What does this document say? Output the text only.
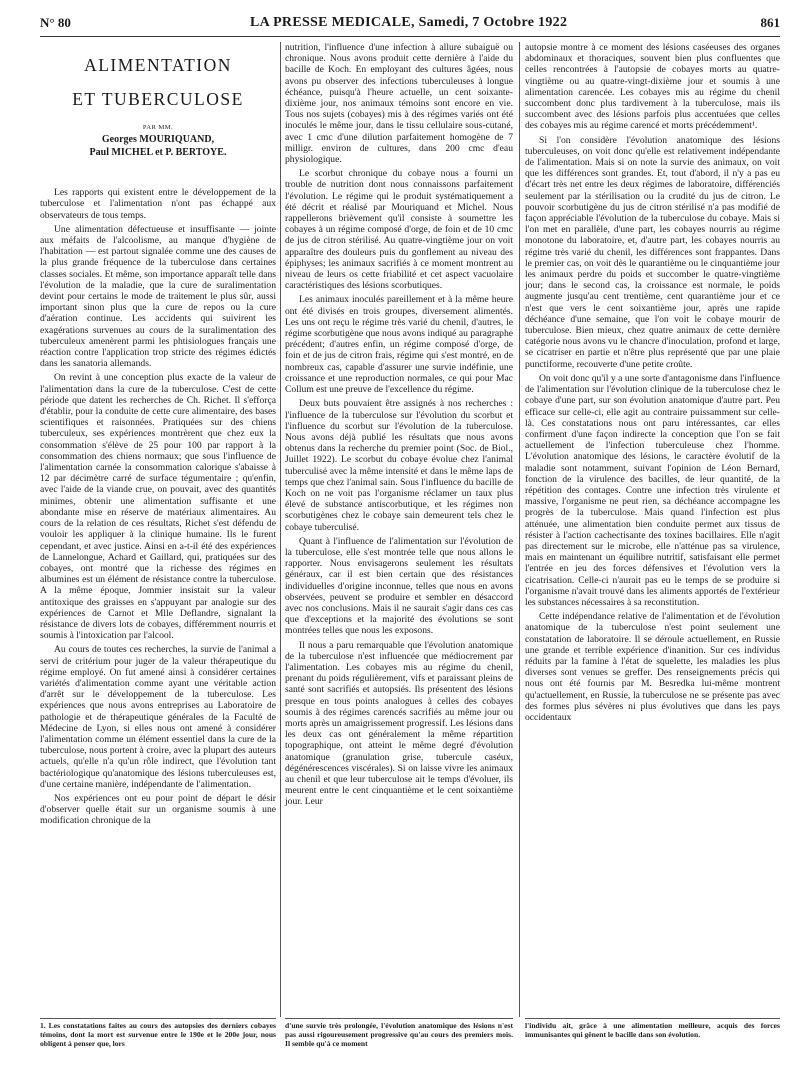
N° 80	LA PRESSE MEDICALE, Samedi, 7 Octobre 1922	861
ALIMENTATION
ET TUBERCULOSE
PAR MM.
Georges MOURIQUAND,
Paul MICHEL et P. BERTOYE.

Les rapports qui existent entre le développement de la tuberculose et l'alimentation n'ont pas échappé aux observateurs de tous temps.

Une alimentation défectueuse et insuffisante — jointe aux méfaits de l'alcoolisme, au manque d'hygiène de l'habitation — est partout signalée comme une des causes de la plus grande fréquence de la tuberculose dans certaines classes sociales. Et même, son importance apparaît telle dans l'évolution de la maladie, que la cure de suralimentation devint pour certains le mode de traitement le plus sûr, aussi important sinon plus que la cure de repos ou la cure d'aération continue. Les accidents qui suivirent les exagérations survenues au cours de la suralimentation des tuberculeux amenèrent parmi les phtisiologues français une réaction contre l'application trop stricte des régimes édictés dans les sanatoria allemands.

On revint à une conception plus exacte de la valeur de l'alimentation dans la cure de la tuberculose. C'est de cette période que datent les recherches de Ch. Richet. Il s'efforça d'établir, pour la conduite de cette cure alimentaire, des bases scientifiques et raisonnées. Pratiquées sur des chiens tuberculeux, ses expériences montrèrent que chez eux la consommation s'élève de 25 pour 100 par rapport à la consommation des chiens normaux; que sous l'influence de l'alimentation carnée la consommation calorique s'abaisse à 12 par décimètre carré de surface tégumentaire ; qu'enfin, avec l'aide de la viande crue, on pouvait, avec des quantités minimes, obtenir une alimentation suffisante et une abondante mise en réserve de matériaux alimentaires. Au cours de la relation de ces résultats, Richet s'est défendu de vouloir les appliquer à la clinique humaine. Ils le furent cependant, et avec justice. Ainsi en a-t-il été des expériences de Lannelongue, Achard et Gaillard, qui, pratiquées sur des cobayes, ont montré que la richesse des régimes en albumines est un élément de résistance contre la tuberculose. A la même époque, Jommier insistait sur la valeur antitoxique des graisses en s'appuyant par analogie sur des expériences de Carnot et Mlle Deflandre, signalant la résistance de divers lots de cobayes, différemment nourris et soumis à l'intoxication par l'alcool.

Au cours de toutes ces recherches, la survie de l'animal a servi de critérium pour juger de la valeur thérapeutique du régime employé. On fut amené ainsi à considérer certaines variétés d'alimentation comme ayant une véritable action d'arrêt sur le développement de la tuberculose. Les expériences que nous avons entreprises au Laboratoire de pathologie et de thérapeutique générales de la Faculté de Médecine de Lyon, si elles nous ont amené à considérer l'alimentation comme un élément essentiel dans la cure de la tuberculose, nous portent à croire, avec la plupart des auteurs actuels, qu'elle n'a qu'un rôle indirect, que l'évolution tant bactériologique qu'anatomique des lésions tuberculeuses est, d'une certaine manière, indépendante de l'alimentation.

Nos expériences ont eu pour point de départ le désir d'observer quelle était sur un organisme soumis à une modification chronique de la

nutrition, l'influence d'une infection à allure subaiguë ou chronique. Nous avons produit cette dernière à l'aide du bacille de Koch. En employant des cultures âgées, nous avons pu observer des infections tuberculeuses à longue échéance, puisqu'à l'heure actuelle, un cent soixante-dixième jour, nos animaux témoins sont encore en vie. Tous nos sujets (cobayes) mis à des régimes variés ont été inoculés le même jour, dans le tissu cellulaire sous-cutané, avec 1 cmc d'une dilution parfaitement homogène de 7 milligr. environ de cultures, dans 200 cmc d'eau physiologique.

Le scorbut chronique du cobaye nous a fourni un trouble de nutrition dont nous connaissons parfaitement l'évolution. Le régime qui le produit systématiquement a été décrit et réalisé par Mouriquand et Michel. Nous rappellerons brièvement qu'il consiste à soumettre les cobayes à un régime composé d'orge, de foin et de 10 cmc de jus de citron stérilisé. Au quatre-vingtième jour on voit apparaître des douleurs puis du gonflement au niveau des épiphyses; les animaux sacrifiés à ce moment montrent au niveau de leurs os cette friabilité et cet aspect vacuolaire caractéristiques des lésions scorbutiques.

Les animaux inoculés pareillement et à la même heure ont été divisés en trois groupes, diversement alimentés. Les uns ont reçu le régime très varié du chenil, d'autres, le régime scorbutigène que nous avons indiqué au paragraphe précédent; d'autres enfin, un régime composé d'orge, de foin et de jus de citron frais, régime qui s'est montré, en de nombreux cas, capable d'assurer une survie indéfinie, une croissance et une reproduction normales, ce qui pour Mac Collum est une preuve de l'excellence du régime.

Deux buts pouvaient être assignés à nos recherches : l'influence de la tuberculose sur l'évolution du scorbut et l'influence du scorbut sur l'évolution de la tuberculose. Nous avons déjà publié les résultats que nous avons obtenus dans la recherche du premier point (Soc. de Biol., Juillet 1922). Le scorbut du cobaye évolue chez l'animal tuberculisé avec la même intensité et dans le même laps de temps que chez l'animal sain. Sous l'influence du bacille de Koch on ne voit pas l'organisme réclamer un taux plus élevé de substance antiscorbutique, et les régimes non scorbutigènes chez le cobaye sain demeurent tels chez le cobaye tuberculisé.

Quant à l'influence de l'alimentation sur l'évolution de la tuberculose, elle s'est montrée telle que nous allons le rapporter. Nous envisagerons seulement les résultats généraux, car il est bien certain que des résistances individuelles d'origine inconnue, telles que nous en avons observées, peuvent se produire et sembler en désaccord avec nos conclusions. Mais il ne saurait s'agir dans ces cas que d'exceptions et la majorité des évolutions se sont montrées telles que nous les exposons.

Il nous a paru remarquable que l'évolution anatomique de la tuberculose n'est influencée que médiocrement par l'alimentation. Les cobayes mis au régime du chenil, prenant du poids régulièrement, vifs et paraissant pleins de santé sont sacrifiés et autopsiés. Ils présentent des lésions presque en tous points analogues à celles des cobayes soumis à des régimes carencés sacrifiés au même jour ou morts après un amaigrissement progressif. Les lésions dans les deux cas ont généralement la même répartition topographique, ont atteint le même degré d'évolution anatomique (granulation grise, tubercule caséux, dégénérescences viscérales). Si on laisse vivre les animaux au chenil et que leur tuberculose ait le temps d'évoluer, ils meurent entre le cent cinquantième et le cent soixantième jour. Leur

autopsie montre à ce moment des lésions caséeuses des organes abdominaux et thoraciques, souvent bien plus confluentes que celles rencontrées à l'autopsie de cobayes morts au quatre-vingtième ou au quatre-vingt-dixième jour et soumis à une alimentation carencée. Les cobayes mis au régime du chenil succombent donc plus tardivement à la tuberculose, mais ils succombent avec des lésions parfois plus accentuées que celles des cobayes mis au régime carencé et morts précédemment¹.

Si l'on considère l'évolution anatomique des lésions tuberculeuses, on voit donc qu'elle est relativement indépendante de l'alimentation. Mais si on note la survie des animaux, on voit que les différences sont grandes. Et, tout d'abord, il n'y a pas eu d'écart très net entre les deux régimes de laboratoire, différenciés seulement par la stérilisation ou la crudité du jus de citron. Le pouvoir scorbutigène du jus de citron stérilisé n'a pas modifié de façon appréciable l'évolution de la tuberculose du cobaye. Mais si l'on met en parallèle, d'une part, les cobayes nourris au régime monotone du laboratoire, et, d'autre part, les cobayes nourris au régime très varié du chenil, les différences sont frappantes. Dans le premier cas, on voit dès le quarantième ou le cinquantième jour les animaux perdre du poids et succomber le quatre-vingtième jour; dans le second cas, la croissance est normale, le poids augmente jusqu'au cent trentième, cent quarantième jour et ce n'est que vers le cent soixantième jour, après une rapide déchéance d'une semaine, que l'on voit le cobaye mourir de tuberculose. Bien mieux, chez quatre animaux de cette dernière catégorie nous avons vu le chancre d'inoculation, profond et large, se cicatriser en partie et n'être plus représenté que par une plaie punctiforme, recouverte d'une petite croûte.

On voit donc qu'il y a une sorte d'antagonisme dans l'influence de l'alimentation sur l'évolution clinique de la tuberculose chez le cobaye d'une part, sur son évolution anatomique d'autre part. Peu efficace sur celle-ci, elle agit au contraire puissamment sur celle-là. Ces constatations nous ont paru intéressantes, car elles confirment d'une façon indirecte la conception que l'on se fait actuellement de l'infection tuberculeuse chez l'homme. L'évolution anatomique des lésions, le caractère évolutif de la maladie sont notamment, suivant l'opinion de Léon Bernard, fonction de la virulence des bacilles, de leur quantité, de la répétition des contages. Contre une infection très virulente et massive, l'organisme ne peut rien, sa déchéance accompagne les progrès de la tuberculose. Mais quand l'infection est plus atténuée, une alimentation bien conduite permet aux tissus de résister à l'action cachectisante des toxines bacillaires. Elle n'agit pas directement sur le microbe, elle n'atténue pas sa virulence, mais en maintenant un équilibre nutritif, satisfaisant elle permet l'entrée en jeu des forces défensives et l'évolution vers la cicatrisation. Celle-ci n'aurait pas eu le temps de se produire si l'organisme n'avait trouvé dans les aliments apportés de l'extérieur les substances nécessaires à sa reconstitution.

Cette indépendance relative de l'alimentation et de l'évolution anatomique de la tuberculose n'est point seulement une constatation de laboratoire. Il se déroule actuellement, en Russie une grande et terrible expérience d'inanition. Sur ces individus réduits par la famine à l'état de squelette, les maladies les plus diverses sont venues se greffer. Des renseignements précis qui nous ont été fournis par M. Besredka lui-même montrent qu'actuellement, en Russie, la tuberculose ne se présente pas avec des formes plus sévères ni plus évolutives que dans les pays occidentaux

1. Les constatations faites au cours des autopsies des derniers cobayes témoins, dont la mort est survenue entre le 190e et le 200e jour, nous obligent à penser que, lors
d'une survie très prolongée, l'évolution anatomique des lésions n'est pas aussi rigoureusement progressive qu'au cours des premiers mois. Il semble qu'à ce moment
l'individu ait, grâce à une alimentation meilleure, acquis des forces immunisantes qui gênent le bacille dans son évolution.
